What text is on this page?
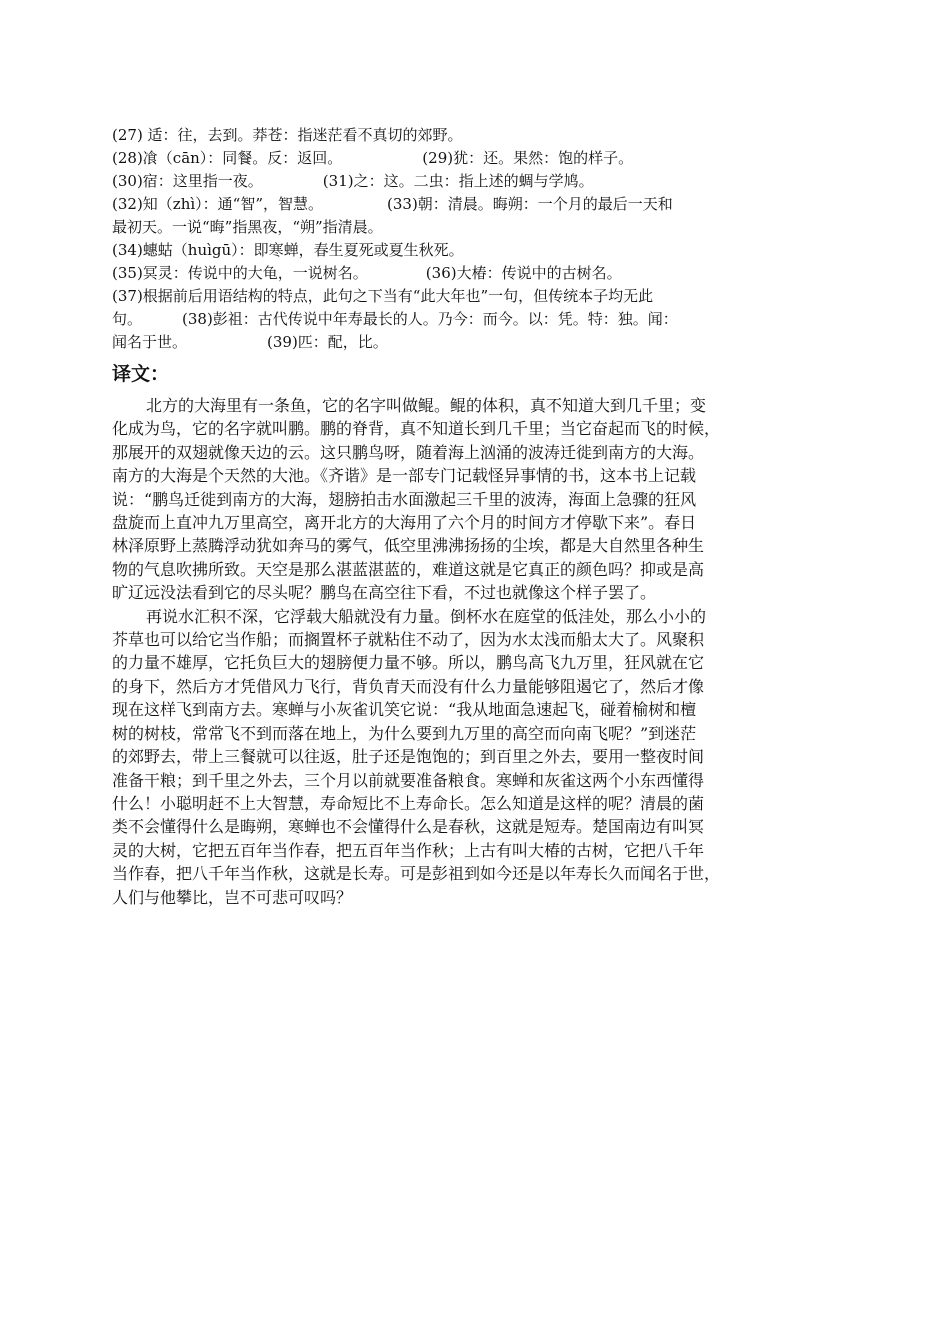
(27) 适：往，去到。莽苍：指迷茫看不真切的郊野。
(28)飡（cān）：同餐。反：返回。	(29)犹：还。果然：饱的样子。
(30)宿：这里指一夜。	(31)之：这。二虫：指上述的蜩与学鸠。
(32)知（zhì）：通“智”，智慧。	(33)朝：清晨。晦朔：一个月的最后一天和
最初天。一说“晦”指黑夜，“朔”指清晨。
(34)蟪蛄（huìgū）：即寒蝉，春生夏死或夏生秋死。
(35)冥灵：传说中的大龟，一说树名。	(36)大椿：传说中的古树名。
(37)根据前后用语结构的特点，此句之下当有“此大年也”一句，但传统本子均无此
句。	(38)彭祖：古代传说中年寿最长的人。乃今：而今。以：凭。特：独。闻：
闻名于世。	(39)匹：配，比。
译文：
北方的大海里有一条鱼，它的名字叫做鲲。鲲的体积，真不知道大到几千里；变
化成为鸟，它的名字就叫鹏。鹏的脊背，真不知道长到几千里；当它奋起而飞的时候，
那展开的双翅就像天边的云。这只鹏鸟呀，随着海上汹涌的波涛迁徙到南方的大海。
南方的大海是个天然的大池。《齐谐》是一部专门记载怪异事情的书，这本书上记载
说：“鹏鸟迁徙到南方的大海，翅膀拍击水面激起三千里的波涛，海面上急骤的狂风
盘旋而上直冲九万里高空，离开北方的大海用了六个月的时间方才停歇下来”。春日
林泽原野上蒸腾浮动犹如奔马的雾气，低空里沸沸扬扬的尘埃，都是大自然里各种生
物的气息吹拂所致。天空是那么湛蓝湛蓝的，难道这就是它真正的颜色吗？抑或是高
旷辽远没法看到它的尽头呢？鹏鸟在高空往下看，不过也就像这个样子罢了。
再说水汇积不深，它浮载大船就没有力量。倒杯水在庭堂的低洼处，那么小小的
芥草也可以给它当作船；而搁置杯子就粘住不动了，因为水太浅而船太大了。风聚积
的力量不雄厚，它托负巨大的翅膀便力量不够。所以，鹏鸟高飞九万里，狂风就在它
的身下，然后方才凭借风力飞行，背负青天而没有什么力量能够阻遏它了，然后才像
现在这样飞到南方去。寒蝉与小灰雀讥笑它说：“我从地面急速起飞，碰着榆树和檀
树的树枝，常常飞不到而落在地上，为什么要到九万里的高空而向南飞呢？”到迷茫
的郊野去，带上三餐就可以往返，肚子还是饱饱的；到百里之外去，要用一整夜时间
准备干粮；到千里之外去，三个月以前就要准备粮食。寒蝉和灰雀这两个小东西懂得
什么！小聪明赶不上大智慧，寿命短比不上寿命长。怎么知道是这样的呢？清晨的菌
类不会懂得什么是晦朔，寒蝉也不会懂得什么是春秋，这就是短寿。楚国南边有叫冥
灵的大树，它把五百年当作春，把五百年当作秋；上古有叫大椿的古树，它把八千年
当作春，把八千年当作秋，这就是长寿。可是彭祖到如今还是以年寿长久而闻名于世，
人们与他攀比，岂不可悲可叹吗？
